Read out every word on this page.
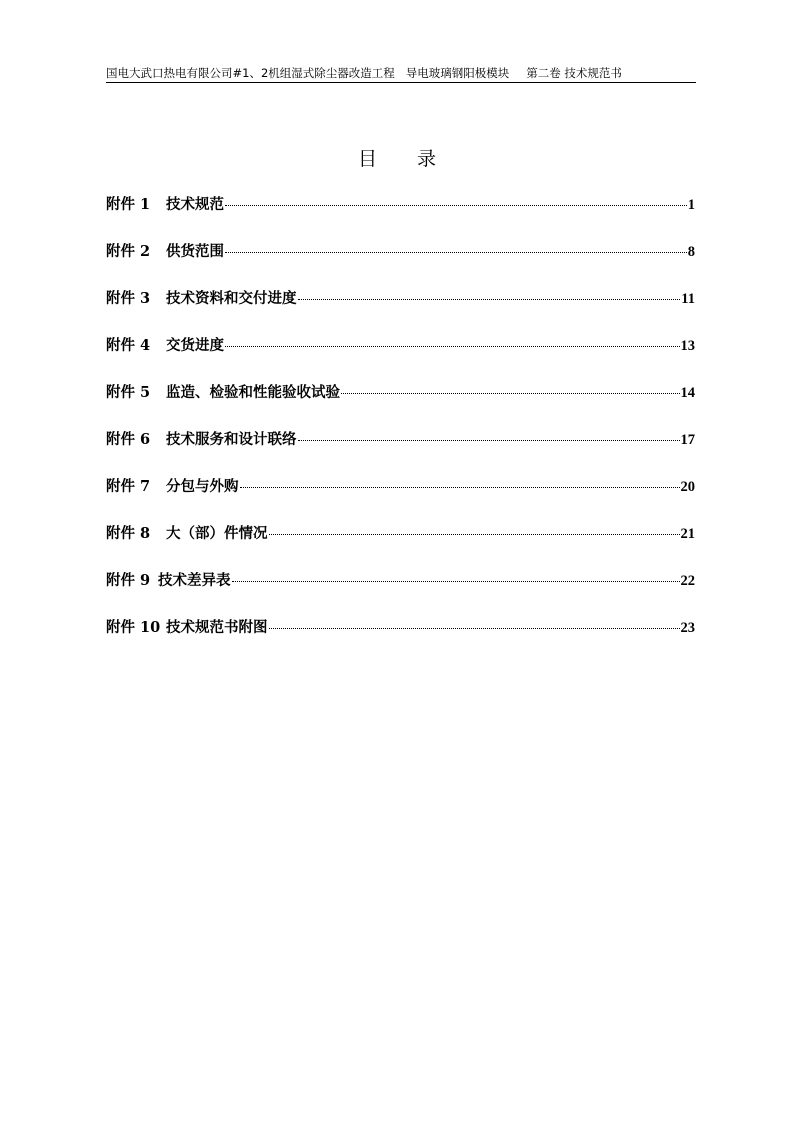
国电大武口热电有限公司#1、2机组湿式除尘器改造工程 导电玻璃钢阳极模块 第二卷 技术规范书
目录
附件 1	技术规范	1
附件 2	供货范围	8
附件 3	技术资料和交付进度	11
附件 4	交货进度	13
附件 5	监造、检验和性能验收试验	14
附件 6	技术服务和设计联络	17
附件 7	分包与外购	20
附件 8	大（部）件情况	21
附件 9 技术差异表	22
附件 10 技术规范书附图	23
